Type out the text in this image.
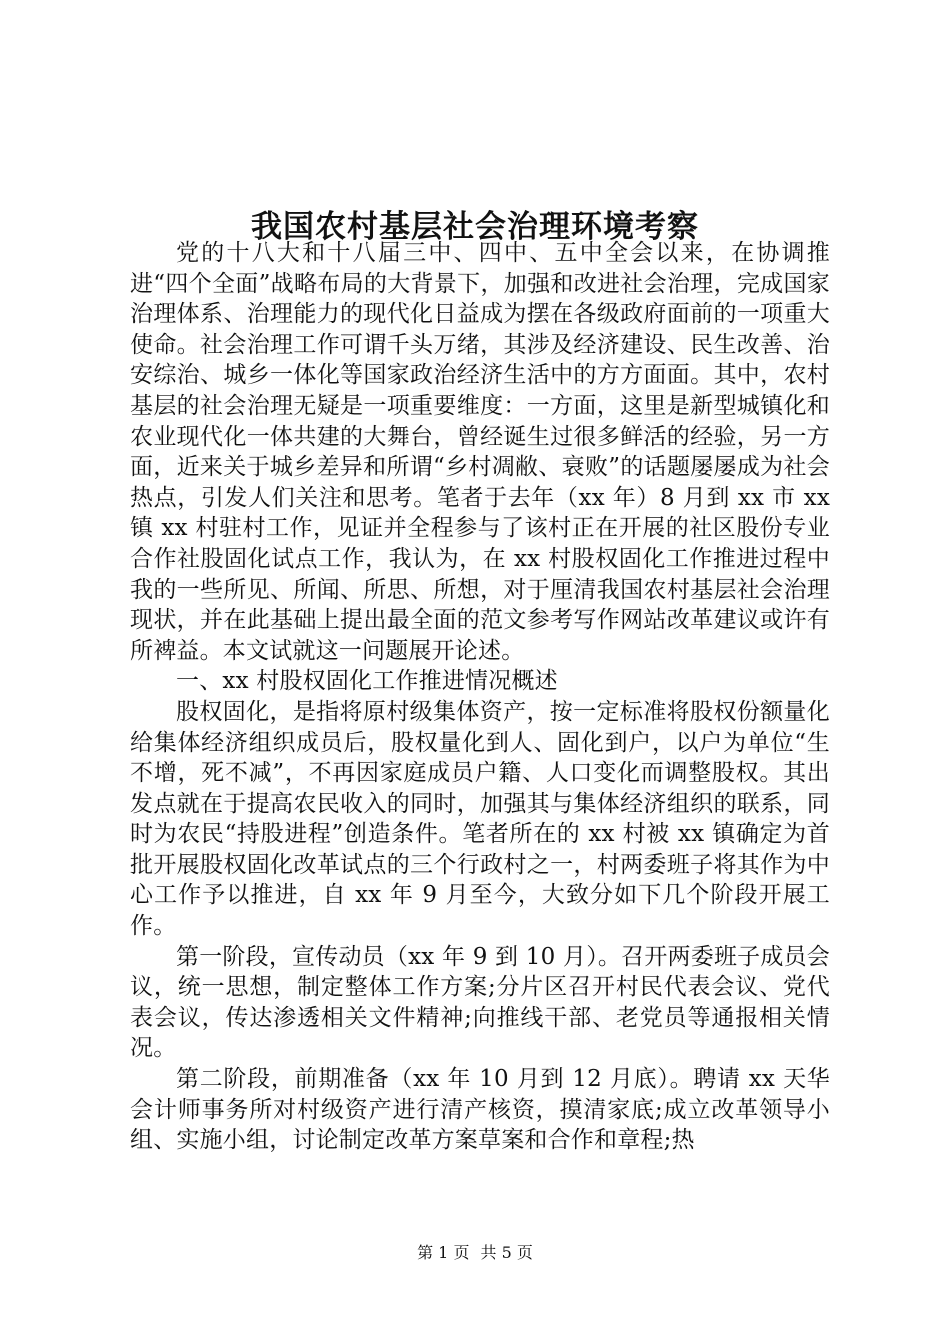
我国农村基层社会治理环境考察

党的十八大和十八届三中、四中、五中全会以来，在协调推进“四个全面”战略布局的大背景下，加强和改进社会治理，完成国家治理体系、治理能力的现代化日益成为摆在各级政府面前的一项重大使命。社会治理工作可谓千头万绪，其涉及经济建设、民生改善、治安综治、城乡一体化等国家政治经济生活中的方方面面。其中，农村基层的社会治理无疑是一项重要维度：一方面，这里是新型城镇化和农业现代化一体共建的大舞台，曾经诞生过很多鲜活的经验，另一方面，近来关于城乡差异和所谓“乡村凋敝、衰败”的话题屡屡成为社会热点，引发人们关注和思考。笔者于去年（xx 年）8 月到 xx 市 xx 镇 xx 村驻村工作，见证并全程参与了该村正在开展的社区股份专业合作社股固化试点工作，我认为，在 xx 村股权固化工作推进过程中我的一些所见、所闻、所思、所想，对于厘清我国农村基层社会治理现状，并在此基础上提出最全面的范文参考写作网站改革建议或许有所裨益。本文试就这一问题展开论述。

一、xx 村股权固化工作推进情况概述

股权固化，是指将原村级集体资产，按一定标准将股权份额量化给集体经济组织成员后，股权量化到人、固化到户，以户为单位“生不增，死不减”，不再因家庭成员户籍、人口变化而调整股权。其出发点就在于提高农民收入的同时，加强其与集体经济组织的联系，同时为农民“持股进程”创造条件。笔者所在的 xx 村被 xx 镇确定为首批开展股权固化改革试点的三个行政村之一，村两委班子将其作为中心工作予以推进，自 xx 年 9 月至今，大致分如下几个阶段开展工作。

第一阶段，宣传动员（xx 年 9 到 10 月）。召开两委班子成员会议，统一思想，制定整体工作方案;分片区召开村民代表会议、党代表会议，传达渗透相关文件精神;向推线干部、老党员等通报相关情况。

第二阶段，前期准备（xx 年 10 月到 12 月底）。聘请 xx 天华会计师事务所对村级资产进行清产核资，摸清家底;成立改革领导小组、实施小组，讨论制定改革方案草案和合作和章程;热

第 1 页 共 5 页
